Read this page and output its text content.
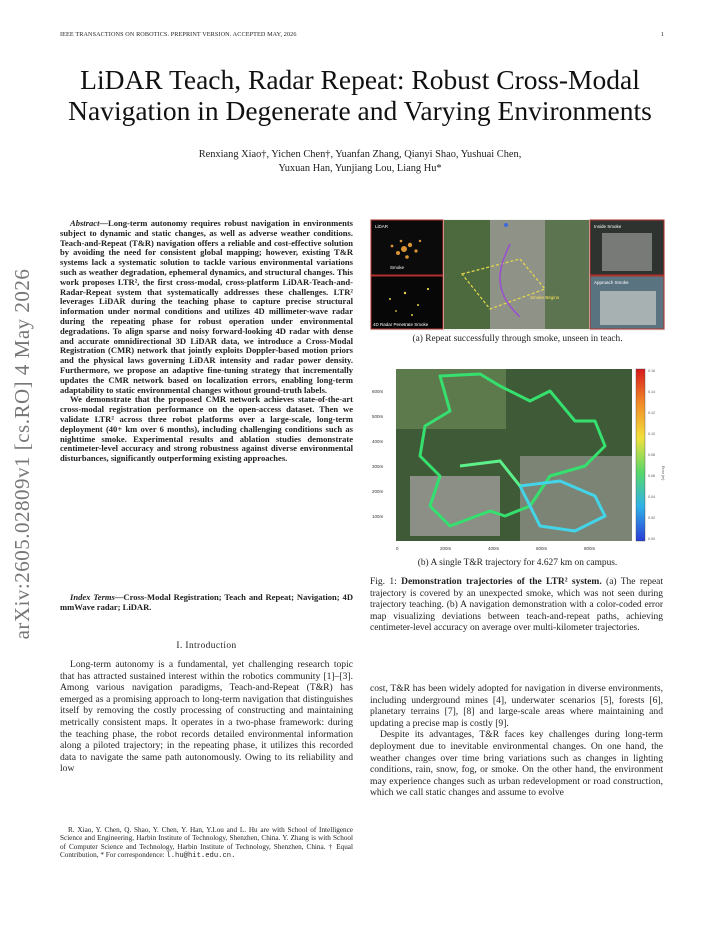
IEEE TRANSACTIONS ON ROBOTICS. PREPRINT VERSION. ACCEPTED MAY, 2026	1
LiDAR Teach, Radar Repeat: Robust Cross-Modal
Navigation in Degenerate and Varying Environments
Renxiang Xiao†, Yichen Chen†, Yuanfan Zhang, Qianyi Shao, Yushuai Chen,
Yuxuan Han, Yunjiang Lou, Liang Hu*
arXiv:2605.02809v1 [cs.RO] 4 May 2026

Abstract—Long-term autonomy requires robust navigation in environments subject to dynamic and static changes, as well as adverse weather conditions. Teach-and-Repeat (T&R) navigation offers a reliable and cost-effective solution by avoiding the need for consistent global mapping; however, existing T&R systems lack a systematic solution to tackle various environmental variations such as weather degradation, ephemeral dynamics, and structural changes. This work proposes LTR², the first cross-modal, cross-platform LiDAR-Teach-and-Radar-Repeat system that systematically addresses these challenges. LTR² leverages LiDAR during the teaching phase to capture precise structural information under normal conditions and utilizes 4D millimeter-wave radar during the repeating phase for robust operation under environmental degradations. To align sparse and noisy forward-looking 4D radar with dense and accurate omnidirectional 3D LiDAR data, we introduce a Cross-Modal Registration (CMR) network that jointly exploits Doppler-based motion priors and the physical laws governing LiDAR intensity and radar power density. Furthermore, we propose an adaptive fine-tuning strategy that incrementally updates the CMR network based on localization errors, enabling long-term adaptability to static environmental changes without ground-truth labels.

We demonstrate that the proposed CMR network achieves state-of-the-art cross-modal registration performance on the open-access dataset. Then we validate LTR² across three robot platforms over a large-scale, long-term deployment (40+ km over 6 months), including challenging conditions such as nighttime smoke. Experimental results and ablation studies demonstrate centimeter-level accuracy and strong robustness against diverse environmental disturbances, significantly outperforming existing approaches.

Index Terms—Cross-Modal Registration; Teach and Repeat; Navigation; 4D mmWave radar; LiDAR.
I. Introduction

Long-term autonomy is a fundamental, yet challenging research topic that has attracted sustained interest within the robotics community [1]–[3]. Among various navigation paradigms, Teach-and-Repeat (T&R) has emerged as a promising approach to long-term navigation that distinguishes itself by removing the costly processing of constructing and maintaining metrically consistent maps. It operates in a two-phase framework: during the teaching phase, the robot records detailed environmental information along a piloted trajectory; in the repeating phase, it utilizes this recorded data to navigate the same path autonomously. Owing to its reliability and low

R. Xiao, Y. Chen, Q. Shao, Y. Chen, Y. Han, Y.Lou and L. Hu are with School of Intelligence Science and Engineering, Harbin Institute of Technology, Shenzhen, China. Y. Zhang is with School of Computer Science and Technology, Harbin Institute of Technology, Shenzhen, China. † Equal Contribution, * For correspondence: l.hu@hit.edu.cn.
LiDAR
Smoke
4D Radar Penetrate Smoke
Smoke Begins
Inside Smoke
Approach Smoke
(a) Repeat successfully through smoke, unseen in teach.
600m
500m
400m
300m
200m
100m
0	200m	400m	600m	800m
0.16
0.14
0.12
0.10
0.08
0.06
0.04
0.02
0.00
Error (m)
(b) A single T&R trajectory for 4.627 km on campus.
Fig. 1: Demonstration trajectories of the LTR² system. (a) The repeat trajectory is covered by an unexpected smoke, which was not seen during trajectory teaching. (b) A navigation demonstration with a color-coded error map visualizing deviations between teach-and-repeat paths, achieving centimeter-level accuracy on average over multi-kilometer trajectories.

cost, T&R has been widely adopted for navigation in diverse environments, including underground mines [4], underwater scenarios [5], forests [6], planetary terrains [7], [8] and large-scale areas where maintaining and updating a precise map is costly [9].

Despite its advantages, T&R faces key challenges during long-term deployment due to inevitable environmental changes. On one hand, the weather changes over time bring variations such as changes in lighting conditions, rain, snow, fog, or smoke. On the other hand, the environment may experience changes such as urban redevelopment or road construction, which we call static changes and assume to evolve
